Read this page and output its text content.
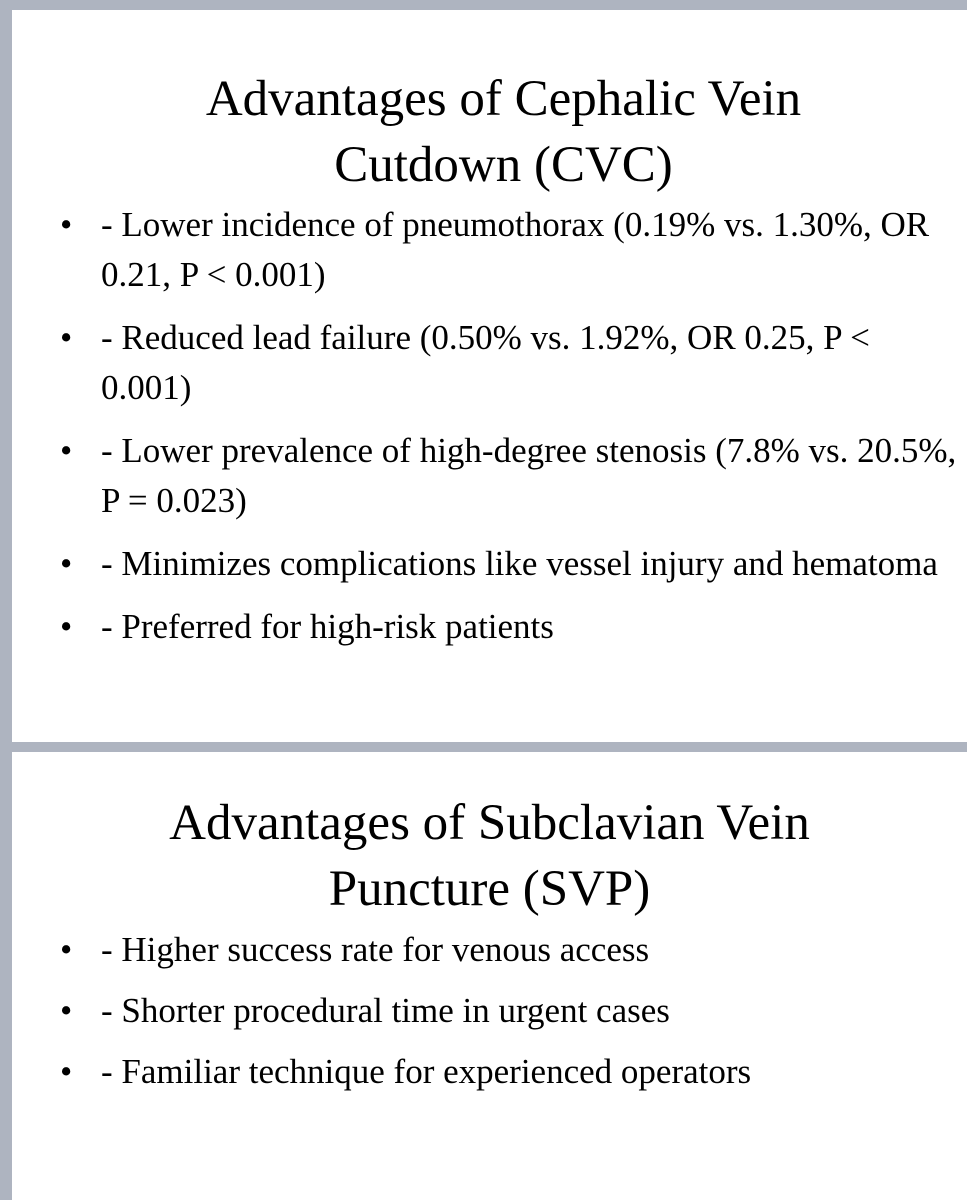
Advantages of Cephalic Vein
Cutdown (CVC)
• - Lower incidence of pneumothorax (0.19% vs. 1.30%, OR 0.21, P < 0.001)
• - Reduced lead failure (0.50% vs. 1.92%, OR 0.25, P < 0.001)
• - Lower prevalence of high-degree stenosis (7.8% vs. 20.5%, P = 0.023)
• - Minimizes complications like vessel injury and hematoma
• - Preferred for high-risk patients
Advantages of Subclavian Vein
Puncture (SVP)
• - Higher success rate for venous access
• - Shorter procedural time in urgent cases
• - Familiar technique for experienced operators
